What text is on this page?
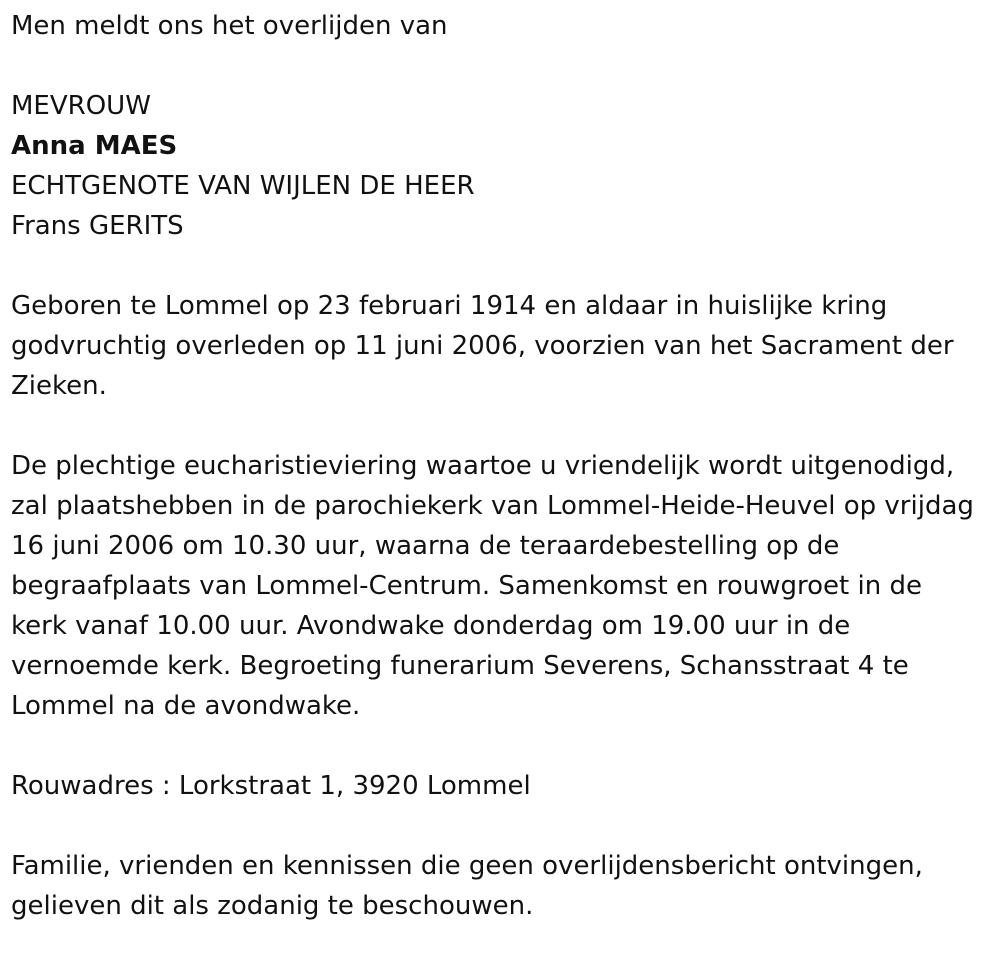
Men meldt ons het overlijden van

MEVROUW

Anna MAES

ECHTGENOTE VAN WIJLEN DE HEER

Frans GERITS

Geboren te Lommel op 23 februari 1914 en aldaar in huislijke kring

godvruchtig overleden op 11 juni 2006, voorzien van het Sacrament der

Zieken.

De plechtige eucharistieviering waartoe u vriendelijk wordt uitgenodigd,

zal plaatshebben in de parochiekerk van Lommel-Heide-Heuvel op vrijdag

16 juni 2006 om 10.30 uur, waarna de teraardebestelling op de

begraafplaats van Lommel-Centrum. Samenkomst en rouwgroet in de

kerk vanaf 10.00 uur. Avondwake donderdag om 19.00 uur in de

vernoemde kerk. Begroeting funerarium Severens, Schansstraat 4 te

Lommel na de avondwake.

Rouwadres : Lorkstraat 1, 3920 Lommel

Familie, vrienden en kennissen die geen overlijdensbericht ontvingen,

gelieven dit als zodanig te beschouwen.
